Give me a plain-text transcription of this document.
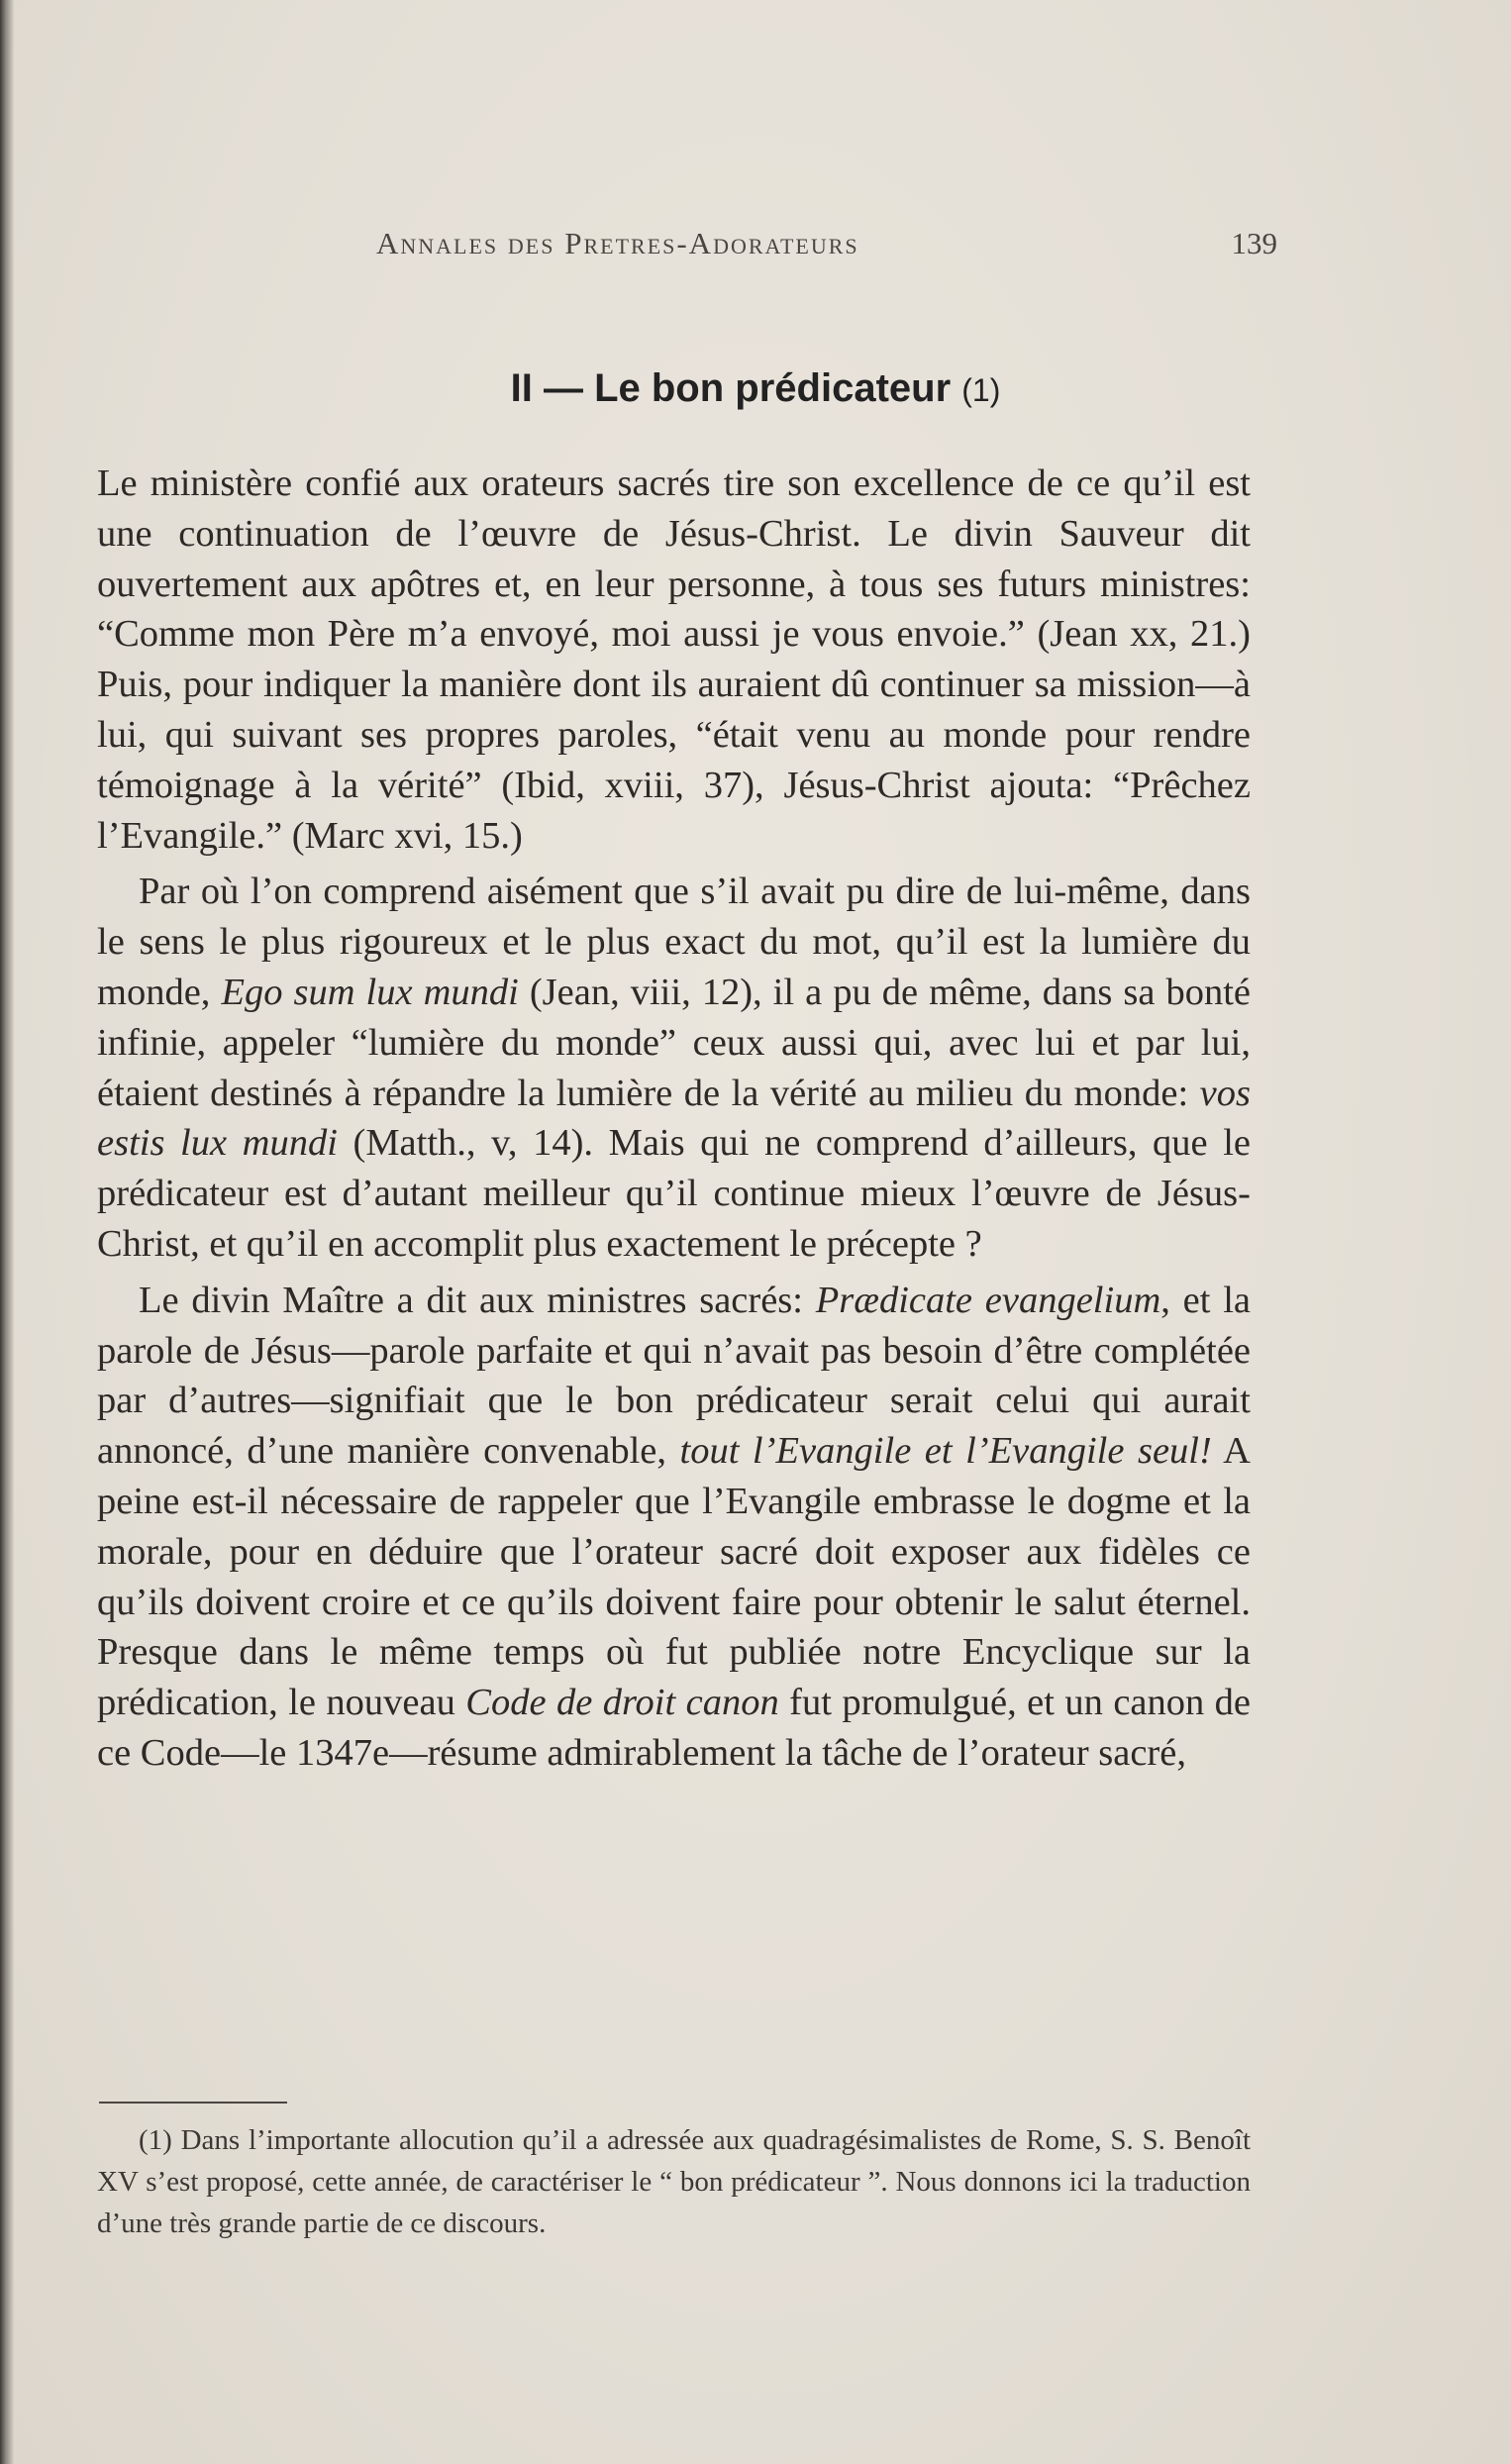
Annales des Pretres-Adorateurs	139
II — Le bon prédicateur (1)

Le ministère confié aux orateurs sacrés tire son excellence de ce qu’il est une continuation de l’œuvre de Jésus-Christ. Le divin Sauveur dit ouvertement aux apôtres et, en leur personne, à tous ses futurs ministres: “Comme mon Père m’a envoyé, moi aussi je vous envoie.” (Jean xx, 21.) Puis, pour indiquer la manière dont ils auraient dû continuer sa mission—à lui, qui suivant ses propres paroles, “était venu au monde pour rendre témoignage à la vérité” (Ibid, xviii, 37), Jésus-Christ ajouta: “Prêchez l’Evangile.” (Marc xvi, 15.)

Par où l’on comprend aisément que s’il avait pu dire de lui-même, dans le sens le plus rigoureux et le plus exact du mot, qu’il est la lumière du monde, Ego sum lux mundi (Jean, viii, 12), il a pu de même, dans sa bonté infinie, appeler “lumière du monde” ceux aussi qui, avec lui et par lui, étaient destinés à répandre la lumière de la vérité au milieu du monde: vos estis lux mundi (Matth., v, 14). Mais qui ne comprend d’ailleurs, que le prédicateur est d’autant meilleur qu’il continue mieux l’œuvre de Jésus-Christ, et qu’il en accomplit plus exactement le précepte ?

Le divin Maître a dit aux ministres sacrés: Prædicate evangelium, et la parole de Jésus—parole parfaite et qui n’avait pas besoin d’être complétée par d’autres—signifiait que le bon prédicateur serait celui qui aurait annoncé, d’une manière convenable, tout l’Evangile et l’Evangile seul! A peine est-il nécessaire de rappeler que l’Evangile embrasse le dogme et la morale, pour en déduire que l’orateur sacré doit exposer aux fidèles ce qu’ils doivent croire et ce qu’ils doivent faire pour obtenir le salut éternel. Presque dans le même temps où fut publiée notre Encyclique sur la prédication, le nouveau Code de droit canon fut promulgué, et un canon de ce Code—le 1347e—résume admirablement la tâche de l’orateur sacré,

(1) Dans l’importante allocution qu’il a adressée aux quadragésimalistes de Rome, S. S. Benoît XV s’est proposé, cette année, de caractériser le “ bon prédicateur ”. Nous donnons ici la traduction d’une très grande partie de ce discours.
